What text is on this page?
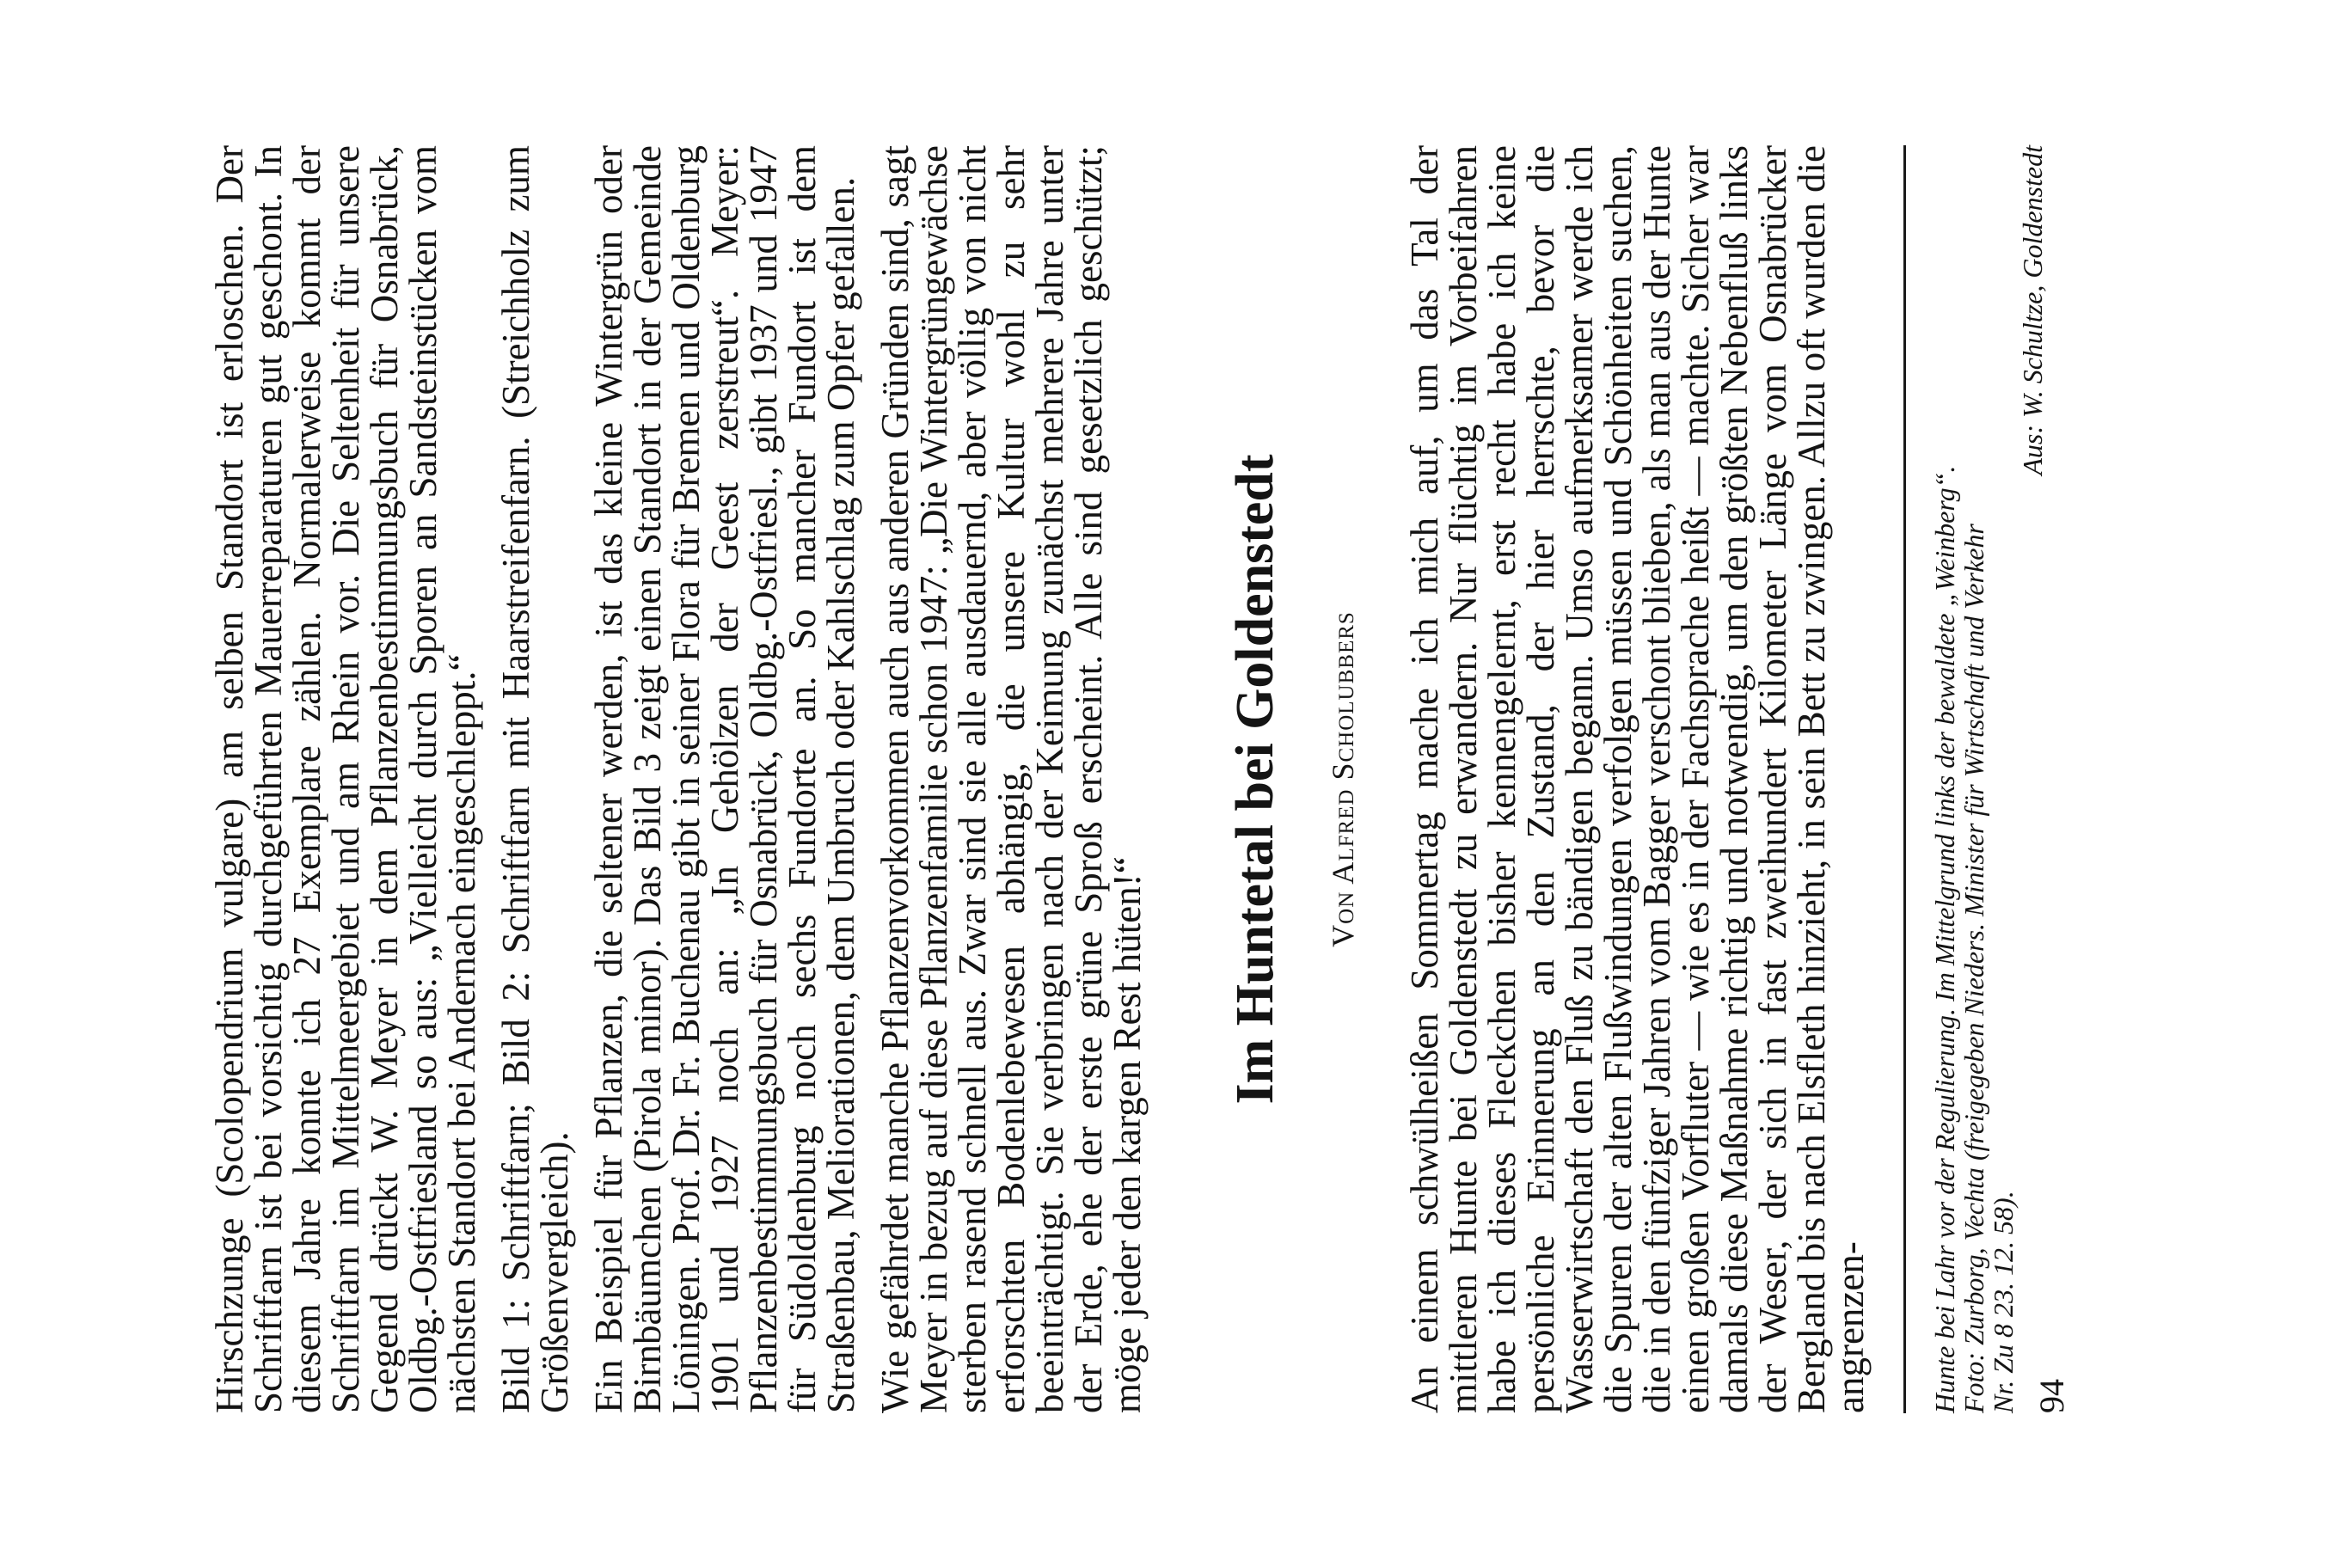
Hirschzunge (Scolopendrium vulgare) am selben Standort ist erloschen. Der Schriftfarn ist bei vorsichtig durchgeführten Mauerreparaturen gut geschont. In diesem Jahre konnte ich 27 Exemplare zählen. Normalerweise kommt der Schriftfarn im Mittelmeergebiet und am Rhein vor. Die Seltenheit für unsere Gegend drückt W. Meyer in dem Pflanzenbestimmungsbuch für Osnabrück, Oldbg.-Ostfriesland so aus: „Vielleicht durch Sporen an Sandsteinstücken vom nächsten Standort bei Andernach eingeschleppt.“ Bild 1: Schriftfarn; Bild 2: Schriftfarn mit Haarstreifenfarn. (Streichholz zum Größenvergleich). Ein Beispiel für Pflanzen, die seltener werden, ist das kleine Wintergrün oder Birnbäumchen (Pirola minor). Das Bild 3 zeigt einen Standort in der Gemeinde Löningen. Prof. Dr. Fr. Buchenau gibt in seiner Flora für Bremen und Oldenburg 1901 und 1927 noch an: „In Gehölzen der Geest zerstreut“. Meyer: Pflanzenbestimmungsbuch für Osnabrück, Oldbg.-Ostfriesl., gibt 1937 und 1947 für Südoldenburg noch sechs Fundorte an. So mancher Fundort ist dem Straßenbau, Meliorationen, dem Umbruch oder Kahlschlag zum Opfer gefallen. Wie gefährdet manche Pflanzenvorkommen auch aus anderen Gründen sind, sagt Meyer in bezug auf diese Pflanzenfamilie schon 1947: „Die Wintergrüngewächse sterben rasend schnell aus. Zwar sind sie alle ausdauernd, aber völlig von nicht erforschten Bodenlebewesen abhängig, die unsere Kultur wohl zu sehr beeinträchtigt. Sie verbringen nach der Keimung zunächst mehrere Jahre unter der Erde, ehe der erste grüne Sproß erscheint. Alle sind gesetzlich geschützt; möge jeder den kargen Rest hüten!“

Im Huntetal bei Goldenstedt Von Alfred Scholubbers An einem schwülheißen Sommertag mache ich mich auf, um das Tal der mittleren Hunte bei Goldenstedt zu erwandern. Nur flüchtig im Vorbeifahren habe ich dieses Fleckchen bisher kennengelernt, erst recht habe ich keine persönliche Erinnerung an den Zustand, der hier herrschte, bevor die Wasserwirtschaft den Fluß zu bändigen begann. Umso aufmerksamer werde ich die Spuren der alten Flußwindungen verfolgen müssen und Schönheiten suchen, die in den fünfziger Jahren vom Bagger verschont blieben, als man aus der Hunte einen großen Vorfluter — wie es in der Fachsprache heißt — machte. Sicher war damals diese Maßnahme richtig und notwendig, um den größten Nebenfluß links der Weser, der sich in fast zweihundert Kilometer Länge vom Osnabrücker Bergland bis nach Elsfleth hinzieht, in sein Bett zu zwingen. Allzu oft wurden die angrenzen- Hunte bei Lahr vor der Regulierung. Im Mittelgrund links der bewaldete „Weinberg“.
Foto: Zurborg, Vechta (freigegeben Nieders. Minister für Wirtschaft und Verkehr
Nr. Zu 8 23. 12. 58).
Aus: W. Schultze, Goldenstedt

94
